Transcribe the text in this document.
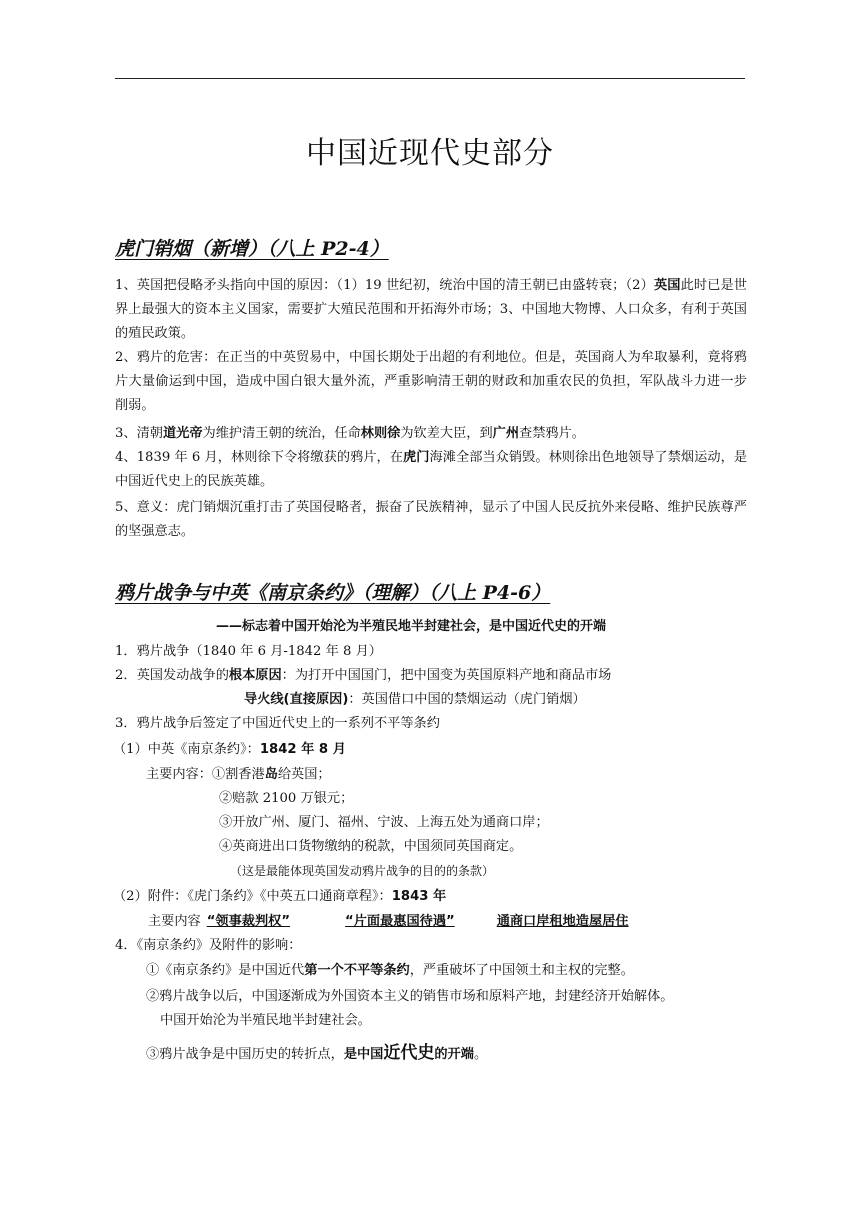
中国近现代史部分
虎门销烟（新增）（八上 P2-4）
1、英国把侵略矛头指向中国的原因：（1）19 世纪初，统治中国的清王朝已由盛转衰；（2）英国此时已是世界上最强大的资本主义国家，需要扩大殖民范围和开拓海外市场；3、中国地大物博、人口众多，有利于英国的殖民政策。
2、鸦片的危害：在正当的中英贸易中，中国长期处于出超的有利地位。但是，英国商人为牟取暴利，竟将鸦片大量偷运到中国，造成中国白银大量外流，严重影响清王朝的财政和加重农民的负担，军队战斗力进一步削弱。
3、清朝道光帝为维护清王朝的统治，任命林则徐为钦差大臣，到广州查禁鸦片。
4、1839 年 6 月，林则徐下令将缴获的鸦片，在虎门海滩全部当众销毁。林则徐出色地领导了禁烟运动，是中国近代史上的民族英雄。
5、意义：虎门销烟沉重打击了英国侵略者，振奋了民族精神，显示了中国人民反抗外来侵略、维护民族尊严的坚强意志。
鸦片战争与中英《南京条约》（理解）（八上 P4-6）
——标志着中国开始沦为半殖民地半封建社会，是中国近代史的开端
1．鸦片战争（1840 年 6 月-1842 年 8 月）
2．英国发动战争的根本原因：为打开中国国门，把中国变为英国原料产地和商品市场
导火线(直接原因)：英国借口中国的禁烟运动（虎门销烟）
3．鸦片战争后签定了中国近代史上的一系列不平等条约
（1）中英《南京条约》：1842 年 8 月
主要内容：①割香港岛给英国；
②赔款 2100 万银元；
③开放广州、厦门、福州、宁波、上海五处为通商口岸；
④英商进出口货物缴纳的税款，中国须同英国商定。
（这是最能体现英国发动鸦片战争的目的的条款）
（2）附件：《虎门条约》《中英五口通商章程》：1843 年
主要内容 “领事裁判权”	“片面最惠国待遇”	通商口岸租地造屋居住
4．《南京条约》及附件的影响：
①《南京条约》是中国近代第一个不平等条约，严重破坏了中国领土和主权的完整。
②鸦片战争以后，中国逐渐成为外国资本主义的销售市场和原料产地，封建经济开始解体。
中国开始沦为半殖民地半封建社会。
③鸦片战争是中国历史的转折点，是中国近代史的开端。
